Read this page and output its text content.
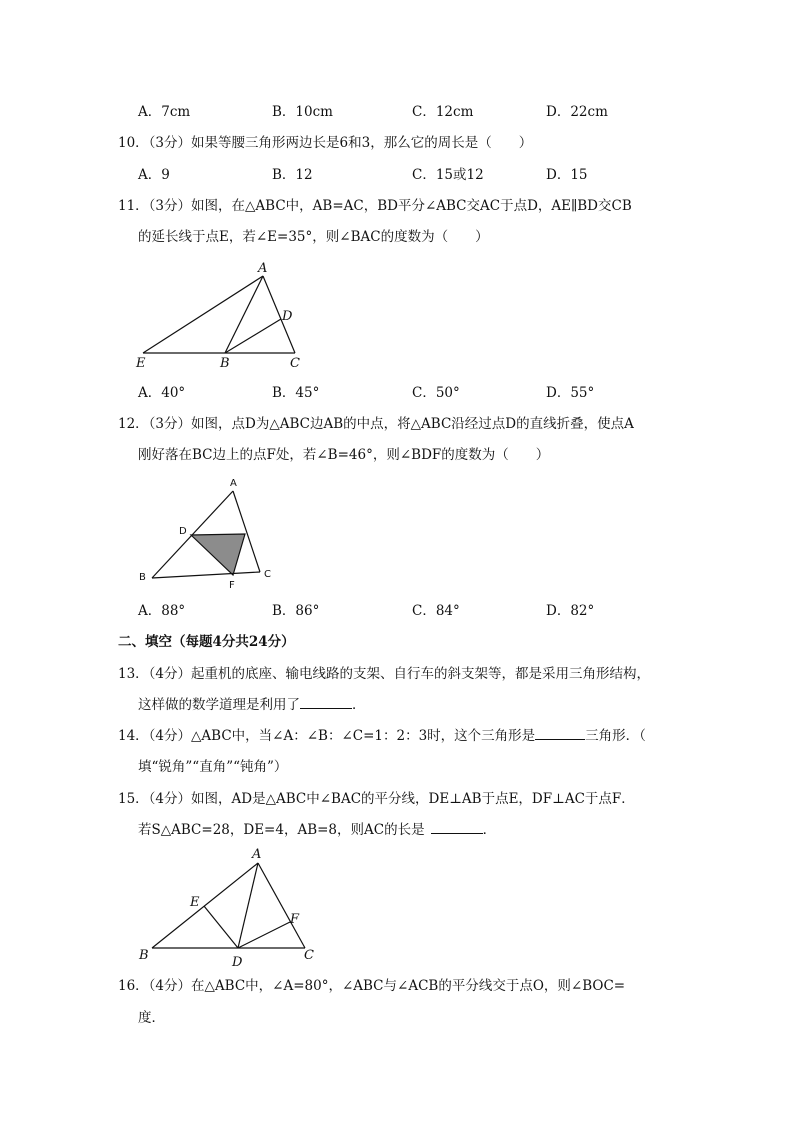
A．7cm	B．10cm	C．12cm	D．22cm
10．（3分）如果等腰三角形两边长是6和3，那么它的周长是（　　）
A．9	B．12	C．15或12	D．15
11．（3分）如图，在△ABC中，AB=AC，BD平分∠ABC交AC于点D，AE∥BD交CB
的延长线于点E，若∠E=35°，则∠BAC的度数为（　　）
A
D
E	B	C
A．40°	B．45°	C．50°	D．55°
12．（3分）如图，点D为△ABC边AB的中点，将△ABC沿经过点D的直线折叠，使点A
刚好落在BC边上的点F处，若∠B=46°，则∠BDF的度数为（　　）
A
D
B
F
C
A．88°	B．86°	C．84°	D．82°
二、填空（每题4分共24分）
13．（4分）起重机的底座、输电线路的支架、自行车的斜支架等，都是采用三角形结构，
这样做的数学道理是利用了	．
14．（4分）△ABC中，当∠A：∠B：∠C=1：2：3时，这个三角形是	三角形．（
填“锐角”“直角”“钝角”）
15．（4分）如图，AD是△ABC中∠BAC的平分线，DE⊥AB于点E，DF⊥AC于点F．
若S△ABC=28，DE=4，AB=8，则AC的长是	．
A
E
F
B	D	C
16．（4分）在△ABC中，∠A=80°，∠ABC与∠ACB的平分线交于点O，则∠BOC=
度．
